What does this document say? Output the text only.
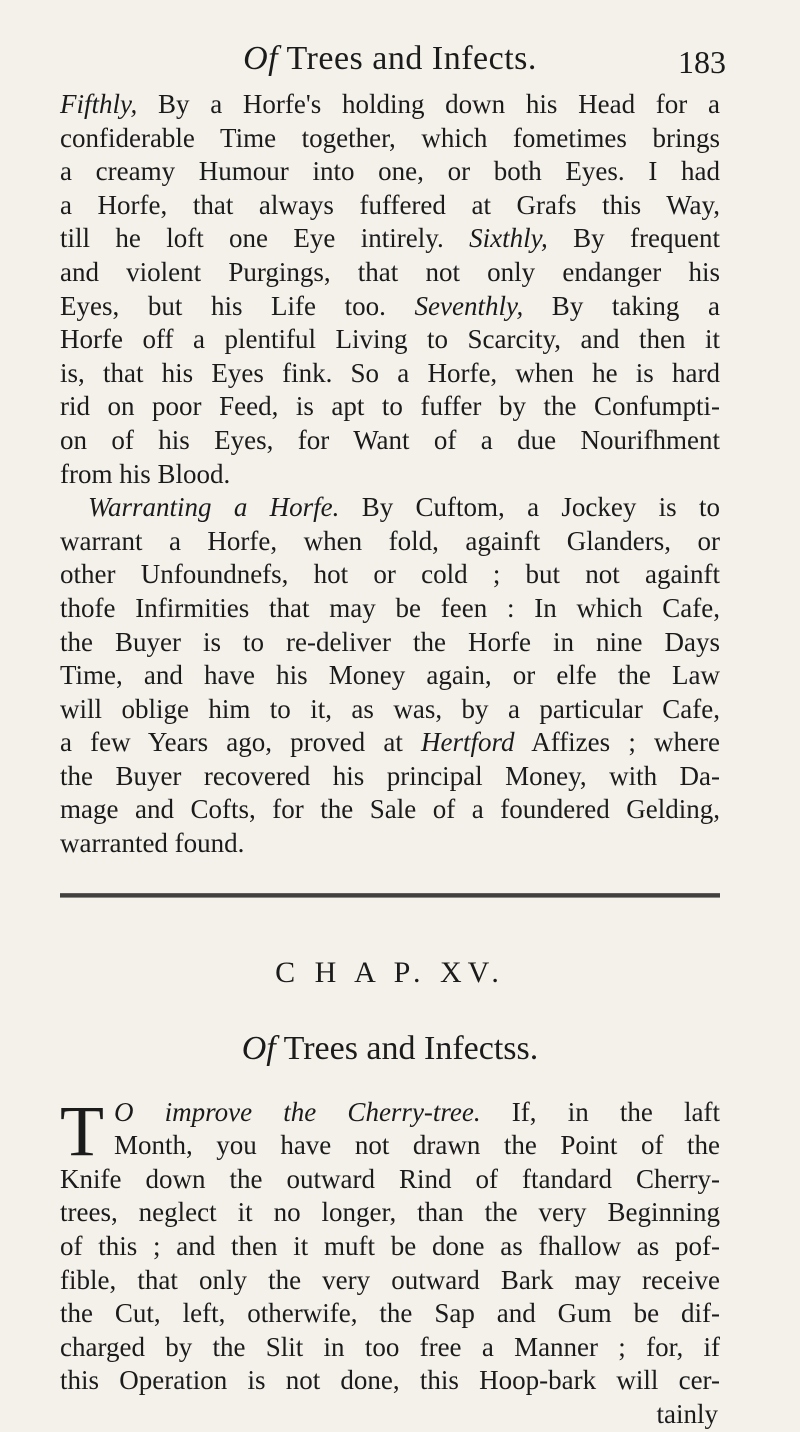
Of Trees and Infects.	183
Fifthly, By a Horfe's holding down his Head for a
confiderable Time together, which fometimes brings
a creamy Humour into one, or both Eyes. I had
a Horfe, that always fuffered at Grafs this Way,
till he loft one Eye intirely. Sixthly, By frequent
and violent Purgings, that not only endanger his
Eyes, but his Life too. Seventhly, By taking a
Horfe off a plentiful Living to Scarcity, and then it
is, that his Eyes fink. So a Horfe, when he is hard
rid on poor Feed, is apt to fuffer by the Confumpti-
on of his Eyes, for Want of a due Nourifhment
from his Blood.
Warranting a Horfe. By Cuftom, a Jockey is to
warrant a Horfe, when fold, againft Glanders, or
other Unfoundnefs, hot or cold ; but not againft
thofe Infirmities that may be feen : In which Cafe,
the Buyer is to re-deliver the Horfe in nine Days
Time, and have his Money again, or elfe the Law
will oblige him to it, as was, by a particular Cafe,
a few Years ago, proved at Hertford Affizes ; where
the Buyer recovered his principal Money, with Da-
mage and Cofts, for the Sale of a foundered Gelding,
warranted found.
C H A P. XV.
Of Trees and Infectss.
T O improve the Cherry-tree. If, in the laft
Month, you have not drawn the Point of the
Knife down the outward Rind of ftandard Cherry-
trees, neglect it no longer, than the very Beginning
of this ; and then it muft be done as fhallow as pof-
fible, that only the very outward Bark may receive
the Cut, left, otherwife, the Sap and Gum be dif-
charged by the Slit in too free a Manner ; for, if
this Operation is not done, this Hoop-bark will cer-
tainly
